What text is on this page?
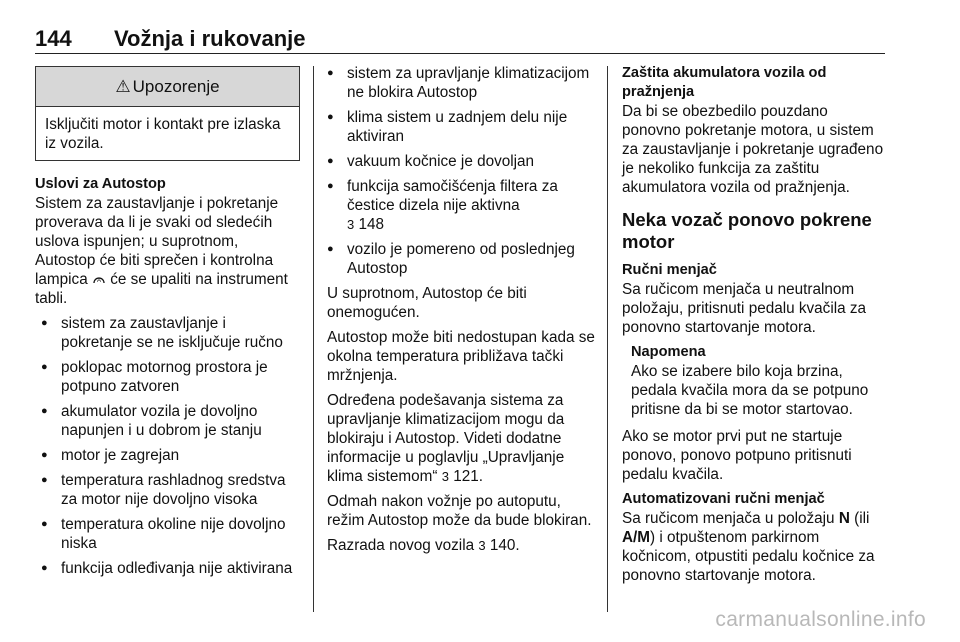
144 Vožnja i rukovanje
⚠ Upozorenje
Isključiti motor i kontakt pre izlaska iz vozila.
Uslovi za Autostop

Sistem za zaustavljanje i pokretanje proverava da li je svaki od sledećih uslova ispunjen; u suprotnom, Autostop će biti sprečen i kontrolna lampica A će se upaliti na instrument tabli.

● sistem za zaustavljanje i pokretanje se ne isključuje ručno
● poklopac motornog prostora je potpuno zatvoren
● akumulator vozila je dovoljno napunjen i u dobrom je stanju
● motor je zagrejan
● temperatura rashladnog sredstva za motor nije dovoljno visoka
● temperatura okoline nije dovoljno niska
● funkcija odleđivanja nije aktivirana
● sistem za upravljanje klimatizacijom ne blokira Autostop
● klima sistem u zadnjem delu nije aktiviran
● vakuum kočnice je dovoljan
● funkcija samočišćenja filtera za čestice dizela nije aktivna
3 148
● vozilo je pomereno od poslednjeg Autostop

U suprotnom, Autostop će biti onemogućen.

Autostop može biti nedostupan kada se okolna temperatura približava tački mržnjenja.

Određena podešavanja sistema za upravljanje klimatizacijom mogu da blokiraju i Autostop. Videti dodatne informacije u poglavlju „Upravljanje klima sistemom“ 3 121.

Odmah nakon vožnje po autoputu, režim Autostop može da bude blokiran.

Razrada novog vozila 3 140.

Zaštita akumulatora vozila od pražnjenja

Da bi se obezbedilo pouzdano ponovno pokretanje motora, u sistem za zaustavljanje i pokretanje ugrađeno je nekoliko funkcija za zaštitu akumulatora vozila od pražnjenja.

Neka vozač ponovo pokrene motor
Ručni menjač

Sa ručicom menjača u neutralnom položaju, pritisnuti pedalu kvačila za ponovno startovanje motora.

Napomena
Ako se izabere bilo koja brzina, pedala kvačila mora da se potpuno pritisne da bi se motor startovao.

Ako se motor prvi put ne startuje ponovo, ponovo potpuno pritisnuti pedalu kvačila.

Automatizovani ručni menjač

Sa ručicom menjača u položaju N (ili A/M) i otpuštenom parkirnom kočnicom, otpustiti pedalu kočnice za ponovno startovanje motora.

carmanualsonline.info
